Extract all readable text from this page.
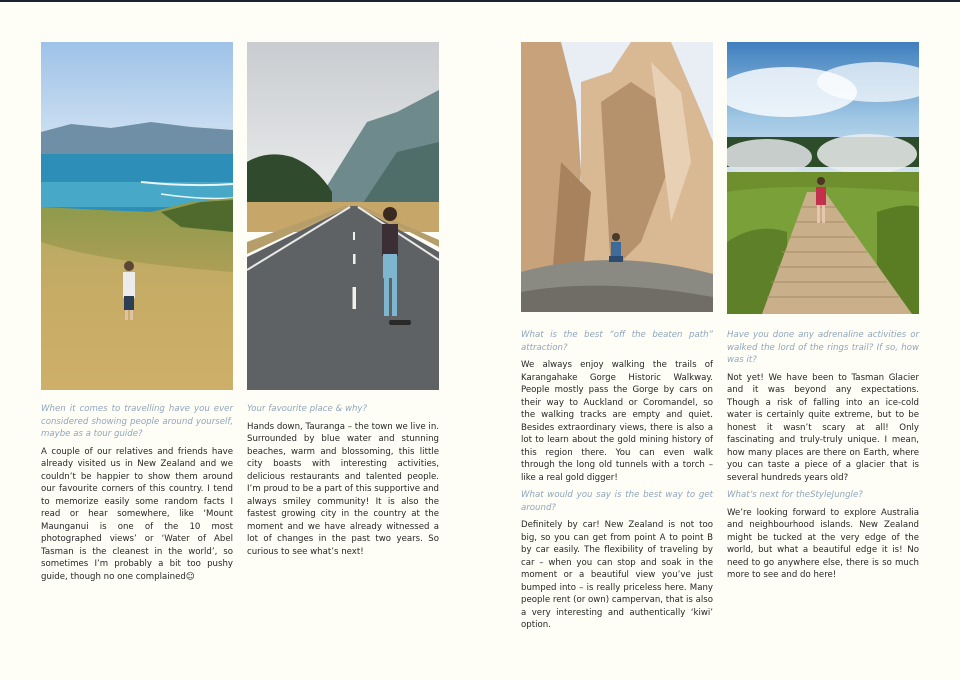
When it comes to travelling have you ever considered showing people around yourself, maybe as a tour guide?

A couple of our relatives and friends have already visited us in New Zealand and we couldn’t be happier to show them around our favourite corners of this country. I tend to memorize easily some random facts I read or hear somewhere, like ‘Mount Maunganui is one of the 10 most photographed views’ or ‘Water of Abel Tasman is the cleanest in the world’, so sometimes I’m probably a bit too pushy guide, though no one complained☺

Your favourite place & why?

Hands down, Tauranga – the town we live in. Surrounded by blue water and stunning beaches, warm and blossoming, this little city boasts with interesting activities, delicious restaurants and talented people. I’m proud to be a part of this supportive and always smiley community! It is also the fastest growing city in the country at the moment and we have already witnessed a lot of changes in the past two years. So curious to see what’s next!

What is the best “off the beaten path” attraction?

We always enjoy walking the trails of Karangahake Gorge Historic Walkway. People mostly pass the Gorge by cars on their way to Auckland or Coromandel, so the walking tracks are empty and quiet. Besides extraordinary views, there is also a lot to learn about the gold mining history of this region there. You can even walk through the long old tunnels with a torch – like a real gold digger!

What would you say is the best way to get around?

Definitely by car! New Zealand is not too big, so you can get from point A to point B by car easily. The flexibility of traveling by car – when you can stop and soak in the moment or a beautiful view you’ve just bumped into – is really priceless here. Many people rent (or own) campervan, that is also a very interesting and authentically ‘kiwi’ option.

Have you done any adrenaline activities or walked the lord of the rings trail? If so, how was it?

Not yet! We have been to Tasman Glacier and it was beyond any expectations. Though a risk of falling into an ice-cold water is certainly quite extreme, but to be honest it wasn’t scary at all! Only fascinating and truly-truly unique. I mean, how many places are there on Earth, where you can taste a piece of a glacier that is several hundreds years old?

What’s next for theStyleJungle?

We’re looking forward to explore Australia and neighbourhood islands. New Zealand might be tucked at the very edge of the world, but what a beautiful edge it is! No need to go anywhere else, there is so much more to see and do here!
